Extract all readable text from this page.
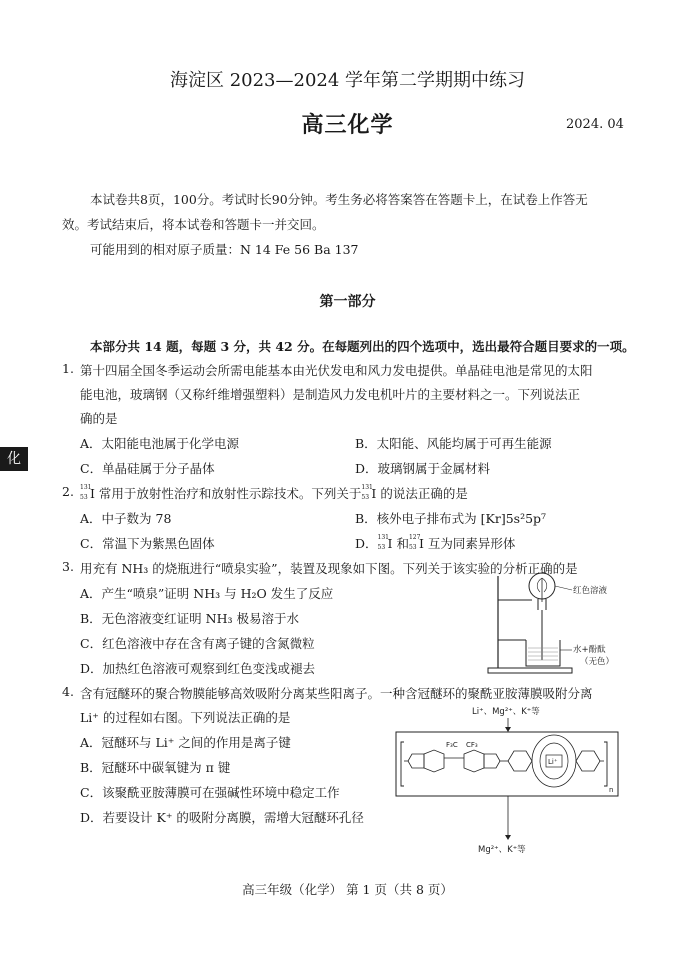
海淀区 2023—2024 学年第二学期期中练习
高三化学	2024. 04
本试卷共8页，100分。考试时长90分钟。考生务必将答案答在答题卡上，在试卷上作答无
效。考试结束后，将本试卷和答题卡一并交回。
可能用到的相对原子质量：N 14 Fe 56 Ba 137
第一部分
本部分共 14 题，每题 3 分，共 42 分。在每题列出的四个选项中，选出最符合题目要求的一项。
化
1. 第十四届全国冬季运动会所需电能基本由光伏发电和风力发电提供。单晶硅电池是常见的太阳
能电池，玻璃钢（又称纤维增强塑料）是制造风力发电机叶片的主要材料之一。下列说法正
确的是
A．太阳能电池属于化学电源	B．太阳能、风能均属于可再生能源
C．单晶硅属于分子晶体	D．玻璃钢属于金属材料
2. 131
53 I 常用于放射性治疗和放射性示踪技术。下列关于 131
53 I 的说法正确的是
A．中子数为 78	B．核外电子排布式为 [Kr]5s²5p⁷
C．常温下为紫黑色固体	D． 131
53 I 和 127
53 I 互为同素异形体
3. 用充有 NH₃ 的烧瓶进行“喷泉实验”，装置及现象如下图。下列关于该实验的分析正确的是
A．产生“喷泉”证明 NH₃ 与 H₂O 发生了反应
B．无色溶液变红证明 NH₃ 极易溶于水
C．红色溶液中存在含有离子键的含氮微粒
D．加热红色溶液可观察到红色变浅或褪去
红色溶液
水+酚酞
（无色）
4. 含有冠醚环的聚合物膜能够高效吸附分离某些阳离子。一种含冠醚环的聚酰亚胺薄膜吸附分离
Li⁺ 的过程如右图。下列说法正确的是
A．冠醚环与 Li⁺ 之间的作用是离子键
B．冠醚环中碳氧键为 π 键
C．该聚酰亚胺薄膜可在强碱性环境中稳定工作
D．若要设计 K⁺ 的吸附分离膜，需增大冠醚环孔径
Li⁺、Mg²⁺、K⁺等
n
F₃C CF₃
Li⁺
Mg²⁺、K⁺等
高三年级（化学） 第 1 页（共 8 页）
